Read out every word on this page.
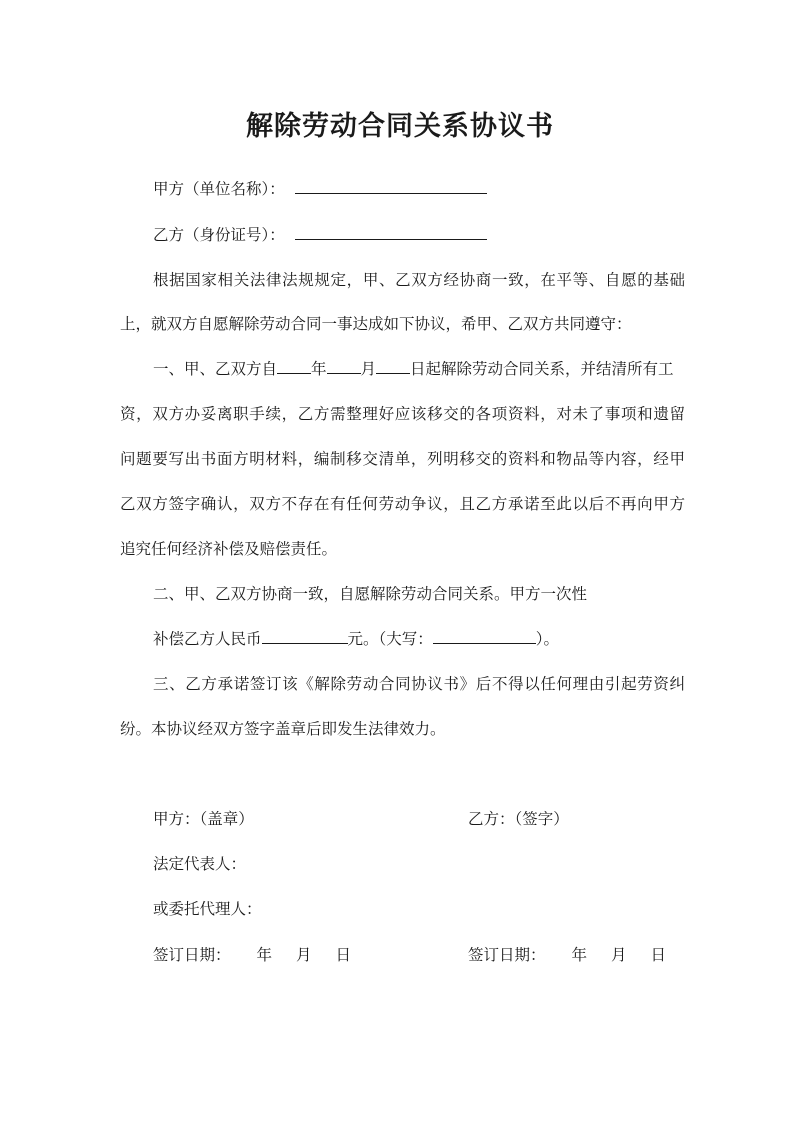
解除劳动合同关系协议书
甲方（单位名称）：
乙方（身份证号）：
根据国家相关法律法规规定，甲、乙双方经协商一致，在平等、自愿的基础
上，就双方自愿解除劳动合同一事达成如下协议，希甲、乙双方共同遵守：
一、甲、乙双方自 年 月 日起解除劳动合同关系，并结清所有工
资，双方办妥离职手续，乙方需整理好应该移交的各项资料，对未了事项和遗留
问题要写出书面方明材料，编制移交清单，列明移交的资料和物品等内容，经甲
乙双方签字确认，双方不存在有任何劳动争议，且乙方承诺至此以后不再向甲方
追究任何经济补偿及赔偿责任。
二、甲、乙双方协商一致，自愿解除劳动合同关系。甲方一次性
补偿乙方人民币	元。（大写：	）。
三、乙方承诺签订该《解除劳动合同协议书》后不得以任何理由引起劳资纠
纷。本协议经双方签字盖章后即发生法律效力。
甲方：（盖章）	乙方：（签字）
法定代表人：
或委托代理人：
签订日期： 年 月 日	签订日期： 年 月 日
